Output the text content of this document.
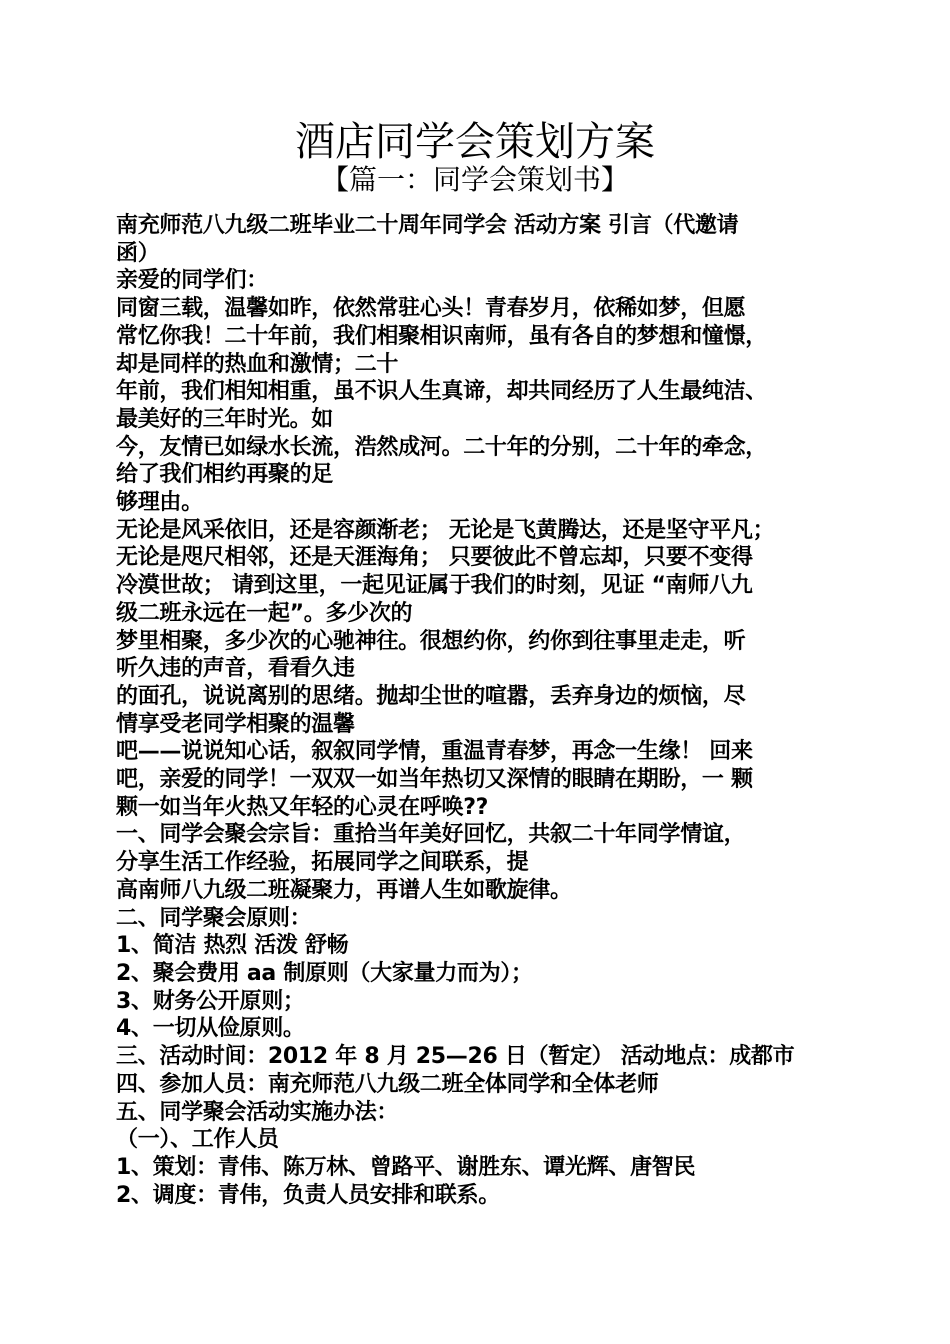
酒店同学会策划方案
【篇一：同学会策划书】
南充师范八九级二班毕业二十周年同学会 活动方案 引言（代邀请
函）
亲爱的同学们：
同窗三载，温馨如昨，依然常驻心头！青春岁月，依稀如梦，但愿
常忆你我！二十年前，我们相聚相识南师，虽有各自的梦想和憧憬，
却是同样的热血和激情；二十
年前，我们相知相重，虽不识人生真谛，却共同经历了人生最纯洁、
最美好的三年时光。如
今，友情已如绿水长流，浩然成河。二十年的分别，二十年的牵念，
给了我们相约再聚的足
够理由。
无论是风采依旧，还是容颜渐老； 无论是飞黄腾达，还是坚守平凡；
无论是咫尺相邻，还是天涯海角； 只要彼此不曾忘却，只要不变得
冷漠世故； 请到这里，一起见证属于我们的时刻，见证 “南师八九
级二班永远在一起”。多少次的
梦里相聚，多少次的心驰神往。很想约你，约你到往事里走走，听
听久违的声音，看看久违
的面孔，说说离别的思绪。抛却尘世的喧嚣，丢弃身边的烦恼，尽
情享受老同学相聚的温馨
吧——说说知心话，叙叙同学情，重温青春梦，再念一生缘！ 回来
吧，亲爱的同学！一双双一如当年热切又深情的眼睛在期盼，一 颗
颗一如当年火热又年轻的心灵在呼唤??
一、同学会聚会宗旨：重拾当年美好回忆，共叙二十年同学情谊，
分享生活工作经验，拓展同学之间联系，提
高南师八九级二班凝聚力，再谱人生如歌旋律。
二、同学聚会原则：
1、简洁 热烈 活泼 舒畅
2、聚会费用 aa 制原则（大家量力而为）；
3、财务公开原则；
4、一切从俭原则。
三、活动时间：2012 年 8 月 25—26 日（暂定） 活动地点：成都市
四、参加人员：南充师范八九级二班全体同学和全体老师
五、同学聚会活动实施办法：
（一）、工作人员
1、策划：青伟、陈万林、曾路平、谢胜东、谭光辉、唐智民
2、调度：青伟，负责人员安排和联系。
